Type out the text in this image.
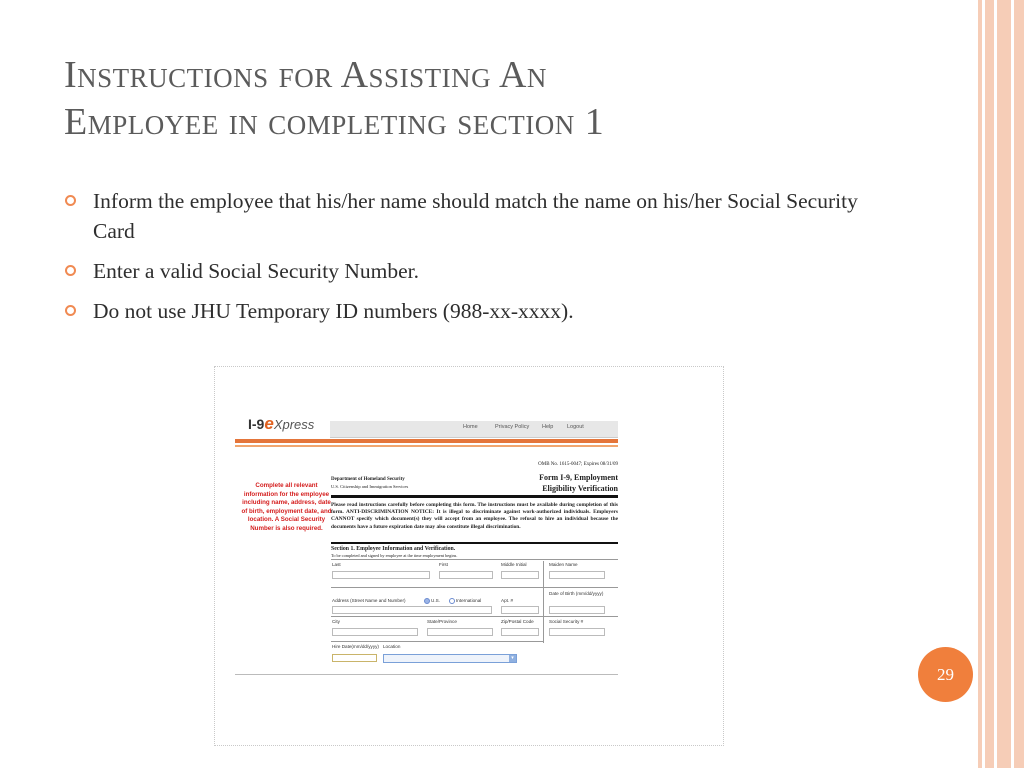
Instructions for Assisting An
Employee in completing section 1
Inform the employee that his/her name should match the name on his/her Social Security Card
Enter a valid Social Security Number.
Do not use JHU Temporary ID numbers (988-xx-xxxx).
I-9eXpress	Home	Privacy Policy Help Logout
Complete all relevant information for the employee including name, address, date of birth, employment date, and location. A Social Security Number is also required.
OMB No. 1615-0047; Expires 08/31/09
Department of Homeland Security
U.S. Citizenship and Immigration Services
Form I-9, Employment
Eligibility Verification
Please read instructions carefully before completing this form. The instructions must be available during completion of this form. ANTI-DISCRIMINATION NOTICE: It is illegal to discriminate against work-authorized individuals. Employers CANNOT specify which document(s) they will accept from an employee. The refusal to hire an individual because the documents have a future expiration date may also constitute illegal discrimination.
Section 1. Employee Information and Verification.
To be completed and signed by employee at the time employment begins.
Last	First	Middle Initial	Maiden Name
Address (Street Name and Number)	U.S.	International	Apt. #
Date of Birth (mm/dd/yyyy)
City	State/Province	Zip/Postal Code	Social Security #
Hire Date(mm/dd/yyyy) Location
▾
29
